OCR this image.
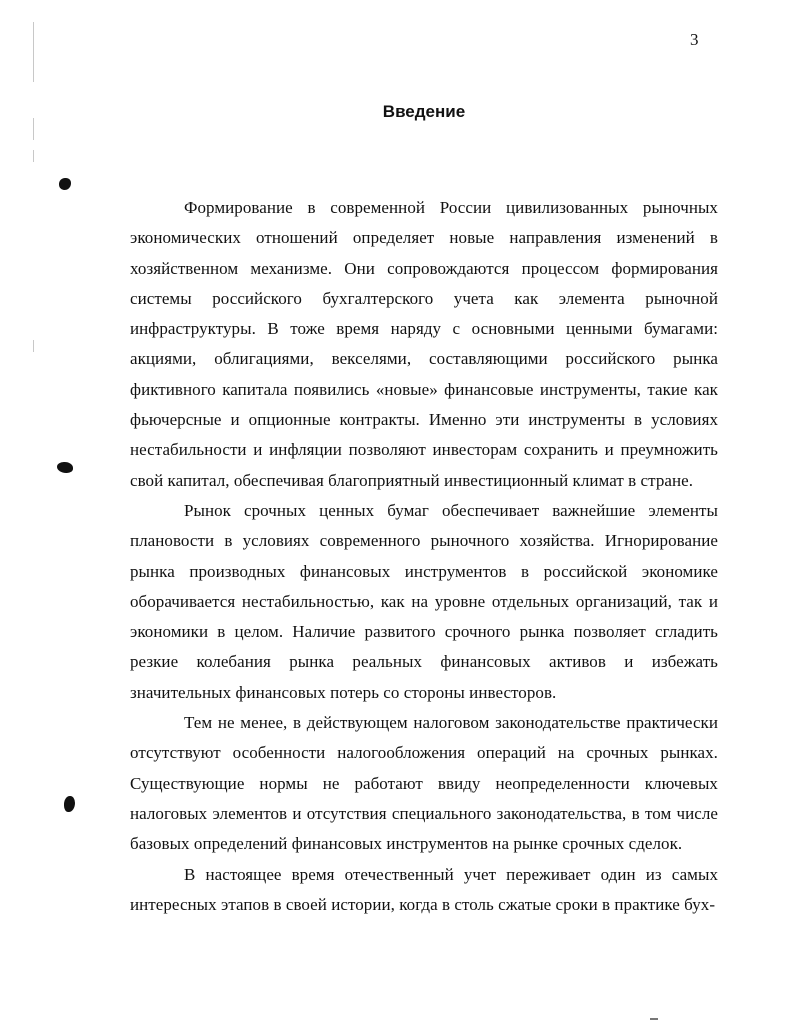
3
Введение

Формирование в современной России цивилизованных рыночных экономических отношений определяет новые направления изменений в хозяйственном механизме. Они сопровождаются процессом формирования системы российского бухгалтерского учета как элемента рыночной инфраструктуры. В тоже время наряду с основными ценными бумагами: акциями, облигациями, векселями, составляющими российского рынка фиктивного капитала появились «новые» финансовые инструменты, такие как фьючерсные и опционные контракты. Именно эти инструменты в условиях нестабильности и инфляции позволяют инвесторам сохранить и преумножить свой капитал, обеспечивая благоприятный инвестиционный климат в стране.

Рынок срочных ценных бумаг обеспечивает важнейшие элементы плановости в условиях современного рыночного хозяйства. Игнорирование рынка производных финансовых инструментов в российской экономике оборачивается нестабильностью, как на уровне отдельных организаций, так и экономики в целом. Наличие развитого срочного рынка позволяет сгладить резкие колебания рынка реальных финансовых активов и избежать значительных финансовых потерь со стороны инвесторов.

Тем не менее, в действующем налоговом законодательстве практически отсутствуют особенности налогообложения операций на срочных рынках. Существующие нормы не работают ввиду неопределенности ключевых налоговых элементов и отсутствия специального законодательства, в том числе базовых определений финансовых инструментов на рынке срочных сделок.

В настоящее время отечественный учет переживает один из самых интересных этапов в своей истории, когда в столь сжатые сроки в практике бух-
